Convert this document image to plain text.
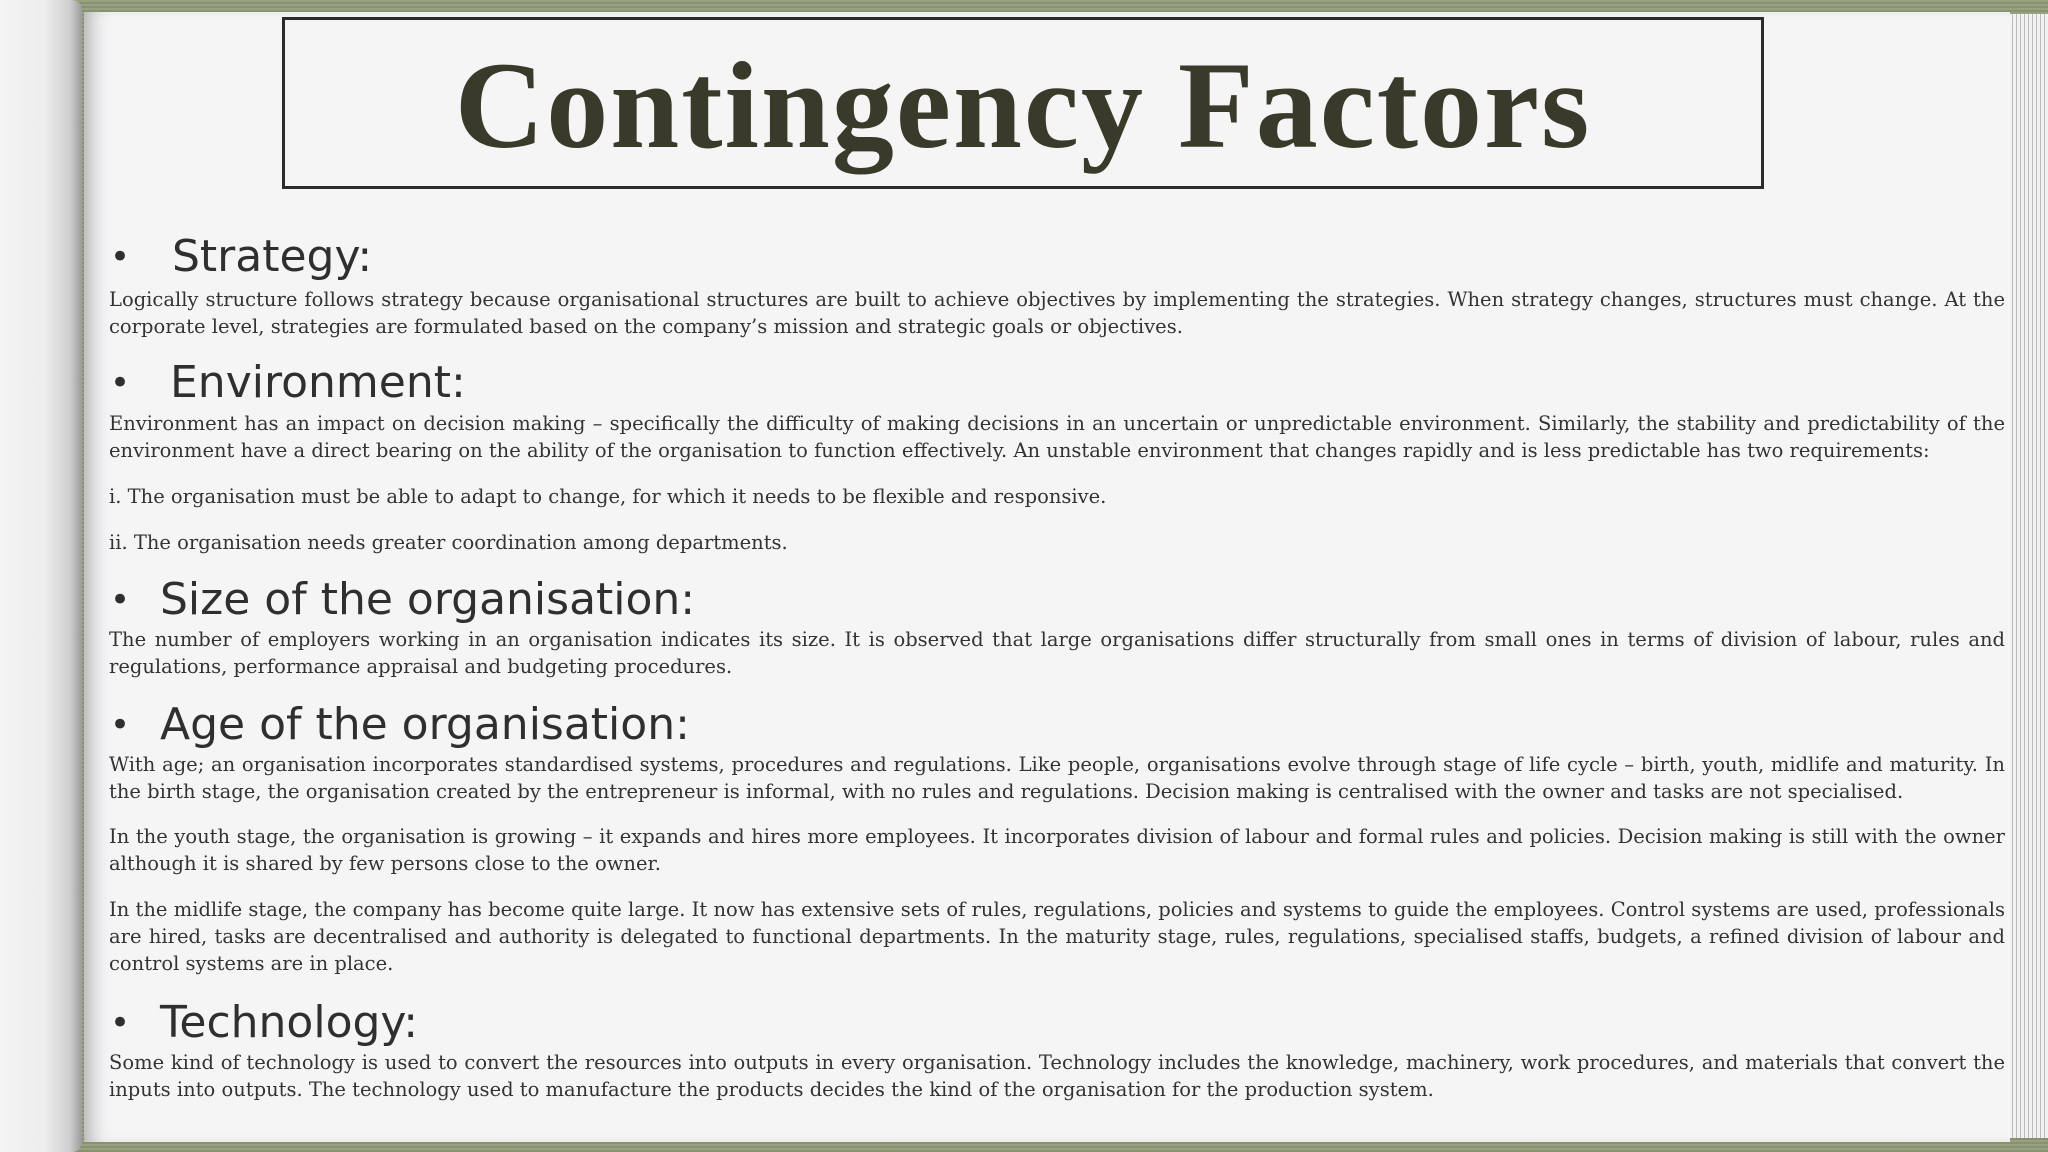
Contingency Factors
• Strategy:

Logically structure follows strategy because organisational structures are built to achieve objectives by implementing the strategies. When strategy changes, structures must change. At the corporate level, strategies are formulated based on the company’s mission and strategic goals or objectives.

• Environment:

Environment has an impact on decision making – specifically the difficulty of making decisions in an uncertain or unpredictable environment. Similarly, the stability and predictability of the environment have a direct bearing on the ability of the organisation to function effectively. An unstable environment that changes rapidly and is less predictable has two requirements:

i. The organisation must be able to adapt to change, for which it needs to be flexible and responsive.

ii. The organisation needs greater coordination among departments.

• Size of the organisation:

The number of employers working in an organisation indicates its size. It is observed that large organisations differ structurally from small ones in terms of division of labour, rules and regulations, performance appraisal and budgeting procedures.

• Age of the organisation:

With age; an organisation incorporates standardised systems, procedures and regulations. Like people, organisations evolve through stage of life cycle – birth, youth, midlife and maturity. In the birth stage, the organisation created by the entrepreneur is informal, with no rules and regulations. Decision making is centralised with the owner and tasks are not specialised.

In the youth stage, the organisation is growing – it expands and hires more employees. It incorporates division of labour and formal rules and policies. Decision making is still with the owner although it is shared by few persons close to the owner.

In the midlife stage, the company has become quite large. It now has extensive sets of rules, regulations, policies and systems to guide the employees. Control systems are used, professionals are hired, tasks are decentralised and authority is delegated to functional departments. In the maturity stage, rules, regulations, specialised staffs, budgets, a refined division of labour and control systems are in place.

• Technology:

Some kind of technology is used to convert the resources into outputs in every organisation. Technology includes the knowledge, machinery, work procedures, and materials that convert the inputs into outputs. The technology used to manufacture the products decides the kind of the organisation for the production system.
